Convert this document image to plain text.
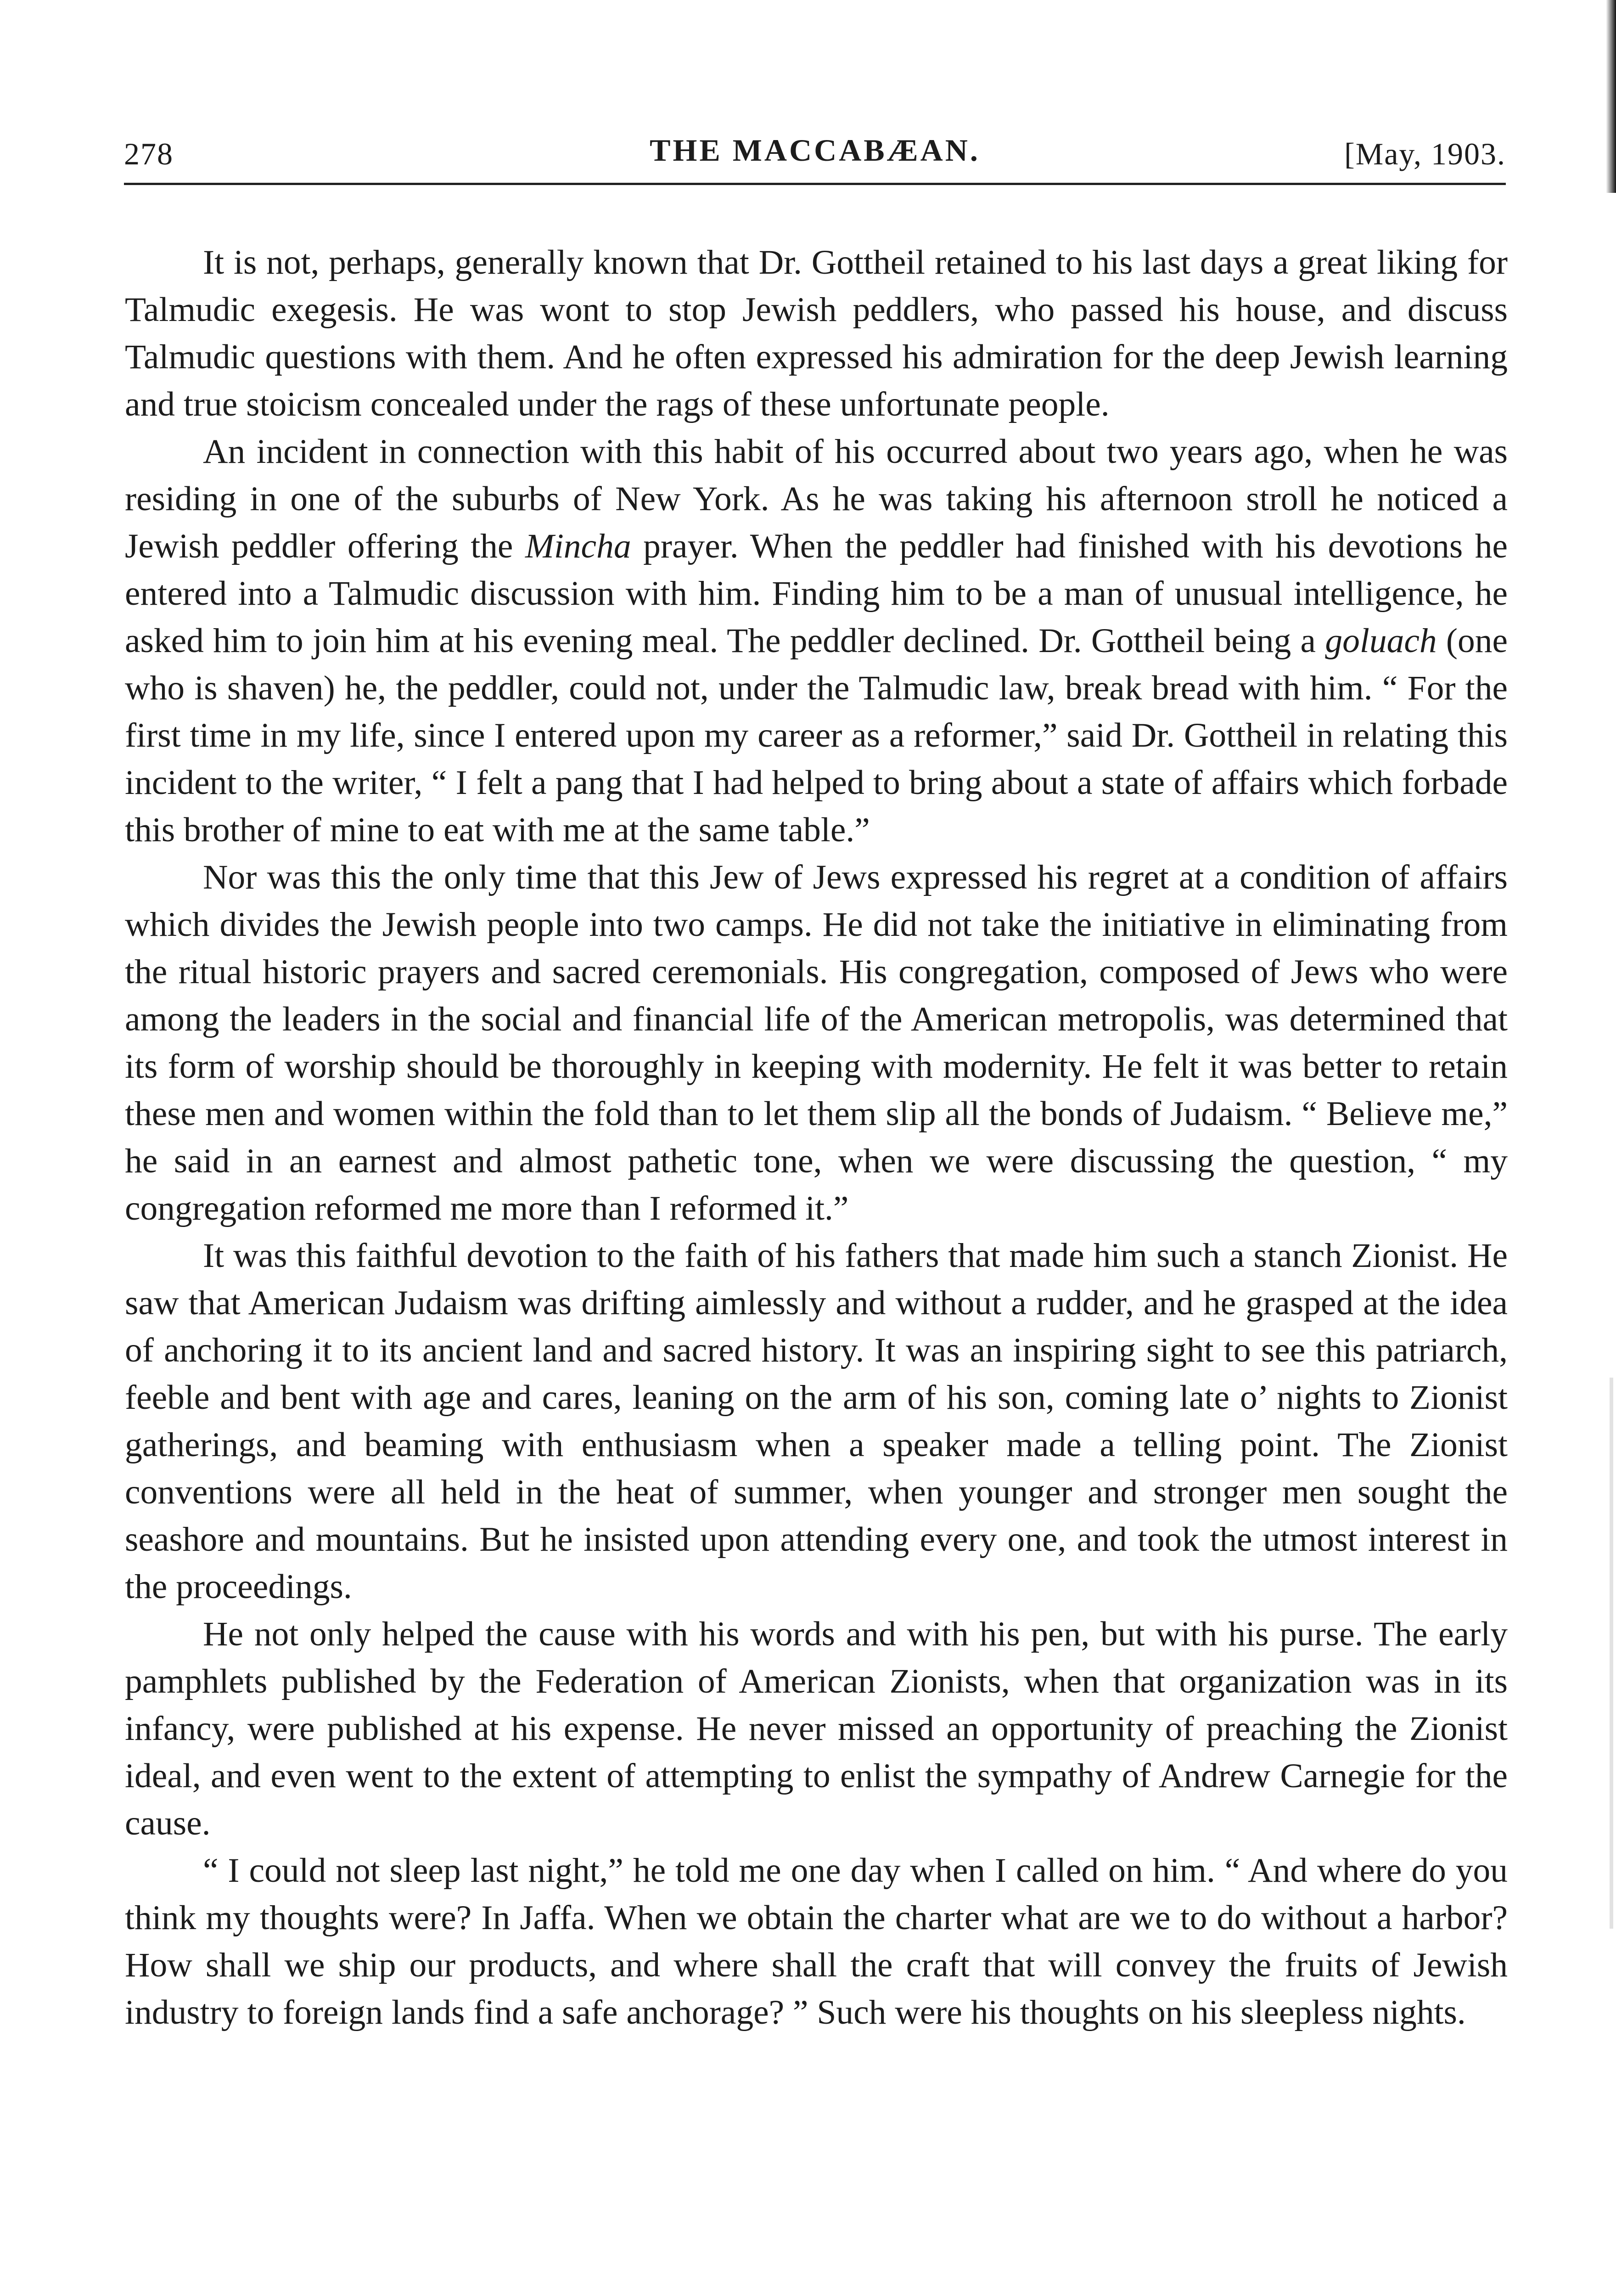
278	THE MACCABÆAN.	[May, 1903.

It is not, perhaps, generally known that Dr. Gottheil retained to his last days a great liking for Talmudic exegesis. He was wont to stop Jewish peddlers, who passed his house, and discuss Talmudic questions with them. And he often expressed his admiration for the deep Jewish learning and true stoicism concealed under the rags of these unfortunate people.

An incident in connection with this habit of his occurred about two years ago, when he was residing in one of the suburbs of New York. As he was taking his afternoon stroll he noticed a Jewish peddler offering the Mincha prayer. When the peddler had finished with his devotions he entered into a Talmudic discussion with him. Finding him to be a man of unusual intelligence, he asked him to join him at his evening meal. The peddler declined. Dr. Gottheil being a goluach (one who is shaven) he, the peddler, could not, under the Talmudic law, break bread with him. “ For the first time in my life, since I entered upon my career as a reformer,” said Dr. Gottheil in relating this incident to the writer, “ I felt a pang that I had helped to bring about a state of affairs which forbade this brother of mine to eat with me at the same table.”

Nor was this the only time that this Jew of Jews expressed his regret at a condition of affairs which divides the Jewish people into two camps. He did not take the initiative in eliminating from the ritual historic prayers and sacred ceremonials. His congregation, composed of Jews who were among the leaders in the social and financial life of the American metropolis, was determined that its form of worship should be thoroughly in keeping with modernity. He felt it was better to retain these men and women within the fold than to let them slip all the bonds of Judaism. “ Believe me,” he said in an earnest and almost pathetic tone, when we were discussing the question, “ my congregation reformed me more than I reformed it.”

It was this faithful devotion to the faith of his fathers that made him such a stanch Zionist. He saw that American Judaism was drifting aimlessly and without a rudder, and he grasped at the idea of anchoring it to its ancient land and sacred history. It was an inspiring sight to see this patriarch, feeble and bent with age and cares, leaning on the arm of his son, coming late o’ nights to Zionist gatherings, and beaming with enthusiasm when a speaker made a telling point. The Zionist conventions were all held in the heat of summer, when younger and stronger men sought the seashore and mountains. But he insisted upon attending every one, and took the utmost interest in the proceedings.

He not only helped the cause with his words and with his pen, but with his purse. The early pamphlets published by the Federation of American Zionists, when that organization was in its infancy, were published at his expense. He never missed an opportunity of preaching the Zionist ideal, and even went to the extent of attempting to enlist the sympathy of Andrew Carnegie for the cause.

“ I could not sleep last night,” he told me one day when I called on him. “ And where do you think my thoughts were? In Jaffa. When we obtain the charter what are we to do without a harbor? How shall we ship our products, and where shall the craft that will convey the fruits of Jewish industry to foreign lands find a safe anchorage? ” Such were his thoughts on his sleepless nights.
